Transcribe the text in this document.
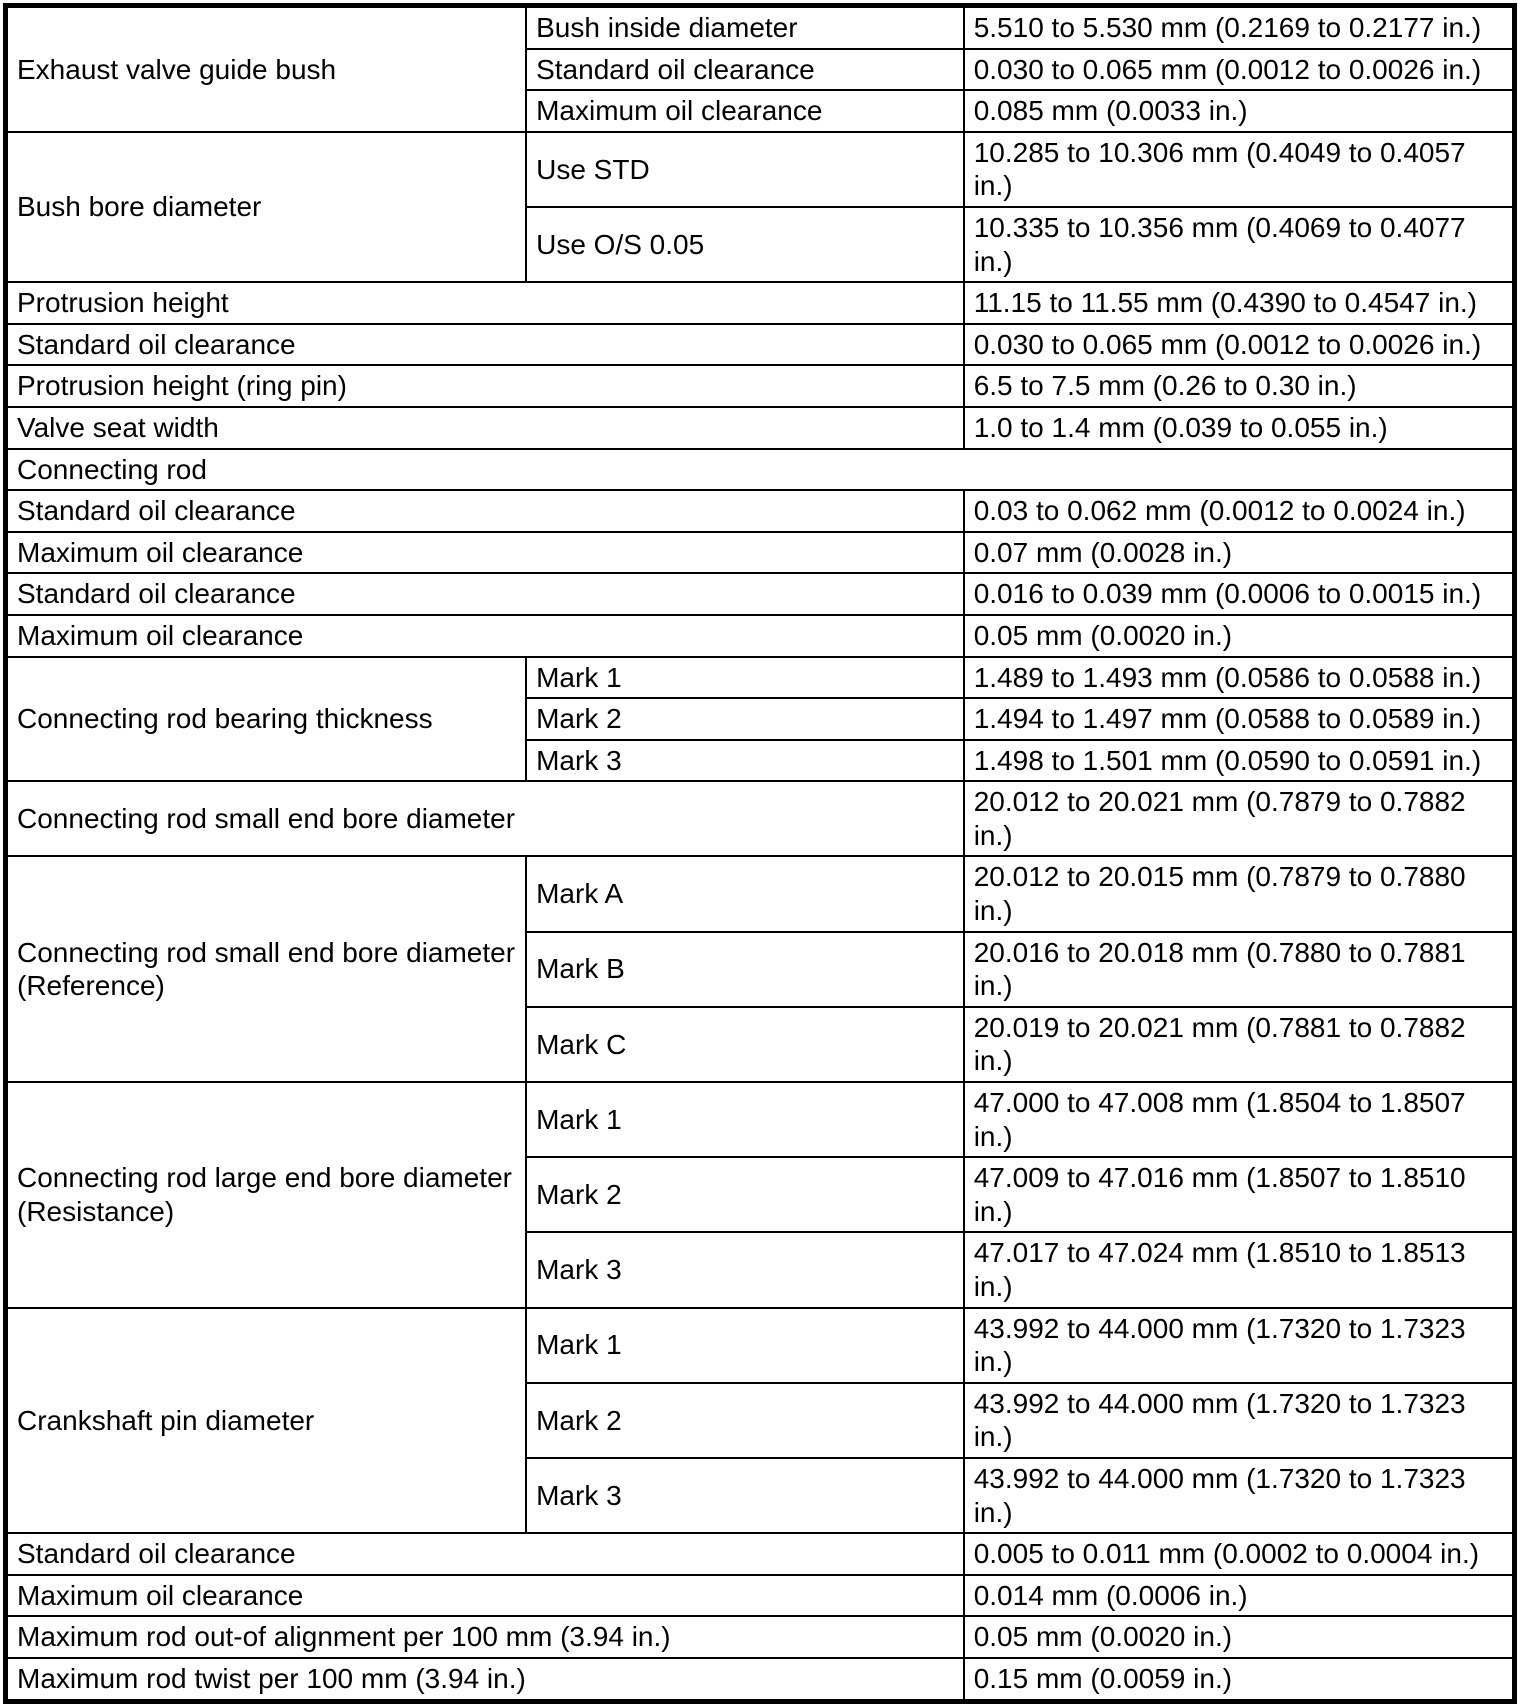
Exhaust valve guide bush	Bush inside diameter	5.510 to 5.530 mm (0.2169 to 0.2177 in.)
	Standard oil clearance	0.030 to 0.065 mm (0.0012 to 0.0026 in.)
	Maximum oil clearance	0.085 mm (0.0033 in.)
Bush bore diameter	Use STD	10.285 to 10.306 mm (0.4049 to 0.4057 in.)
	Use O/S 0.05	10.335 to 10.356 mm (0.4069 to 0.4077 in.)
Protrusion height		11.15 to 11.55 mm (0.4390 to 0.4547 in.)
Standard oil clearance		0.030 to 0.065 mm (0.0012 to 0.0026 in.)
Protrusion height (ring pin)		6.5 to 7.5 mm (0.26 to 0.30 in.)
Valve seat width		1.0 to 1.4 mm (0.039 to 0.055 in.)
Connecting rod		
Standard oil clearance		0.03 to 0.062 mm (0.0012 to 0.0024 in.)
Maximum oil clearance		0.07 mm (0.0028 in.)
Standard oil clearance		0.016 to 0.039 mm (0.0006 to 0.0015 in.)
Maximum oil clearance		0.05 mm (0.0020 in.)
Connecting rod bearing thickness	Mark 1	1.489 to 1.493 mm (0.0586 to 0.0588 in.)
	Mark 2	1.494 to 1.497 mm (0.0588 to 0.0589 in.)
	Mark 3	1.498 to 1.501 mm (0.0590 to 0.0591 in.)
Connecting rod small end bore diameter		20.012 to 20.021 mm (0.7879 to 0.7882 in.)
Connecting rod small end bore diameter (Reference)	Mark A	20.012 to 20.015 mm (0.7879 to 0.7880 in.)
	Mark B	20.016 to 20.018 mm (0.7880 to 0.7881 in.)
	Mark C	20.019 to 20.021 mm (0.7881 to 0.7882 in.)
Connecting rod large end bore diameter (Resistance)	Mark 1	47.000 to 47.008 mm (1.8504 to 1.8507 in.)
	Mark 2	47.009 to 47.016 mm (1.8507 to 1.8510 in.)
	Mark 3	47.017 to 47.024 mm (1.8510 to 1.8513 in.)
Crankshaft pin diameter	Mark 1	43.992 to 44.000 mm (1.7320 to 1.7323 in.)
	Mark 2	43.992 to 44.000 mm (1.7320 to 1.7323 in.)
	Mark 3	43.992 to 44.000 mm (1.7320 to 1.7323 in.)
Standard oil clearance		0.005 to 0.011 mm (0.0002 to 0.0004 in.)
Maximum oil clearance		0.014 mm (0.0006 in.)
Maximum rod out-of alignment per 100 mm (3.94 in.)		0.05 mm (0.0020 in.)
Maximum rod twist per 100 mm (3.94 in.)		0.15 mm (0.0059 in.)
